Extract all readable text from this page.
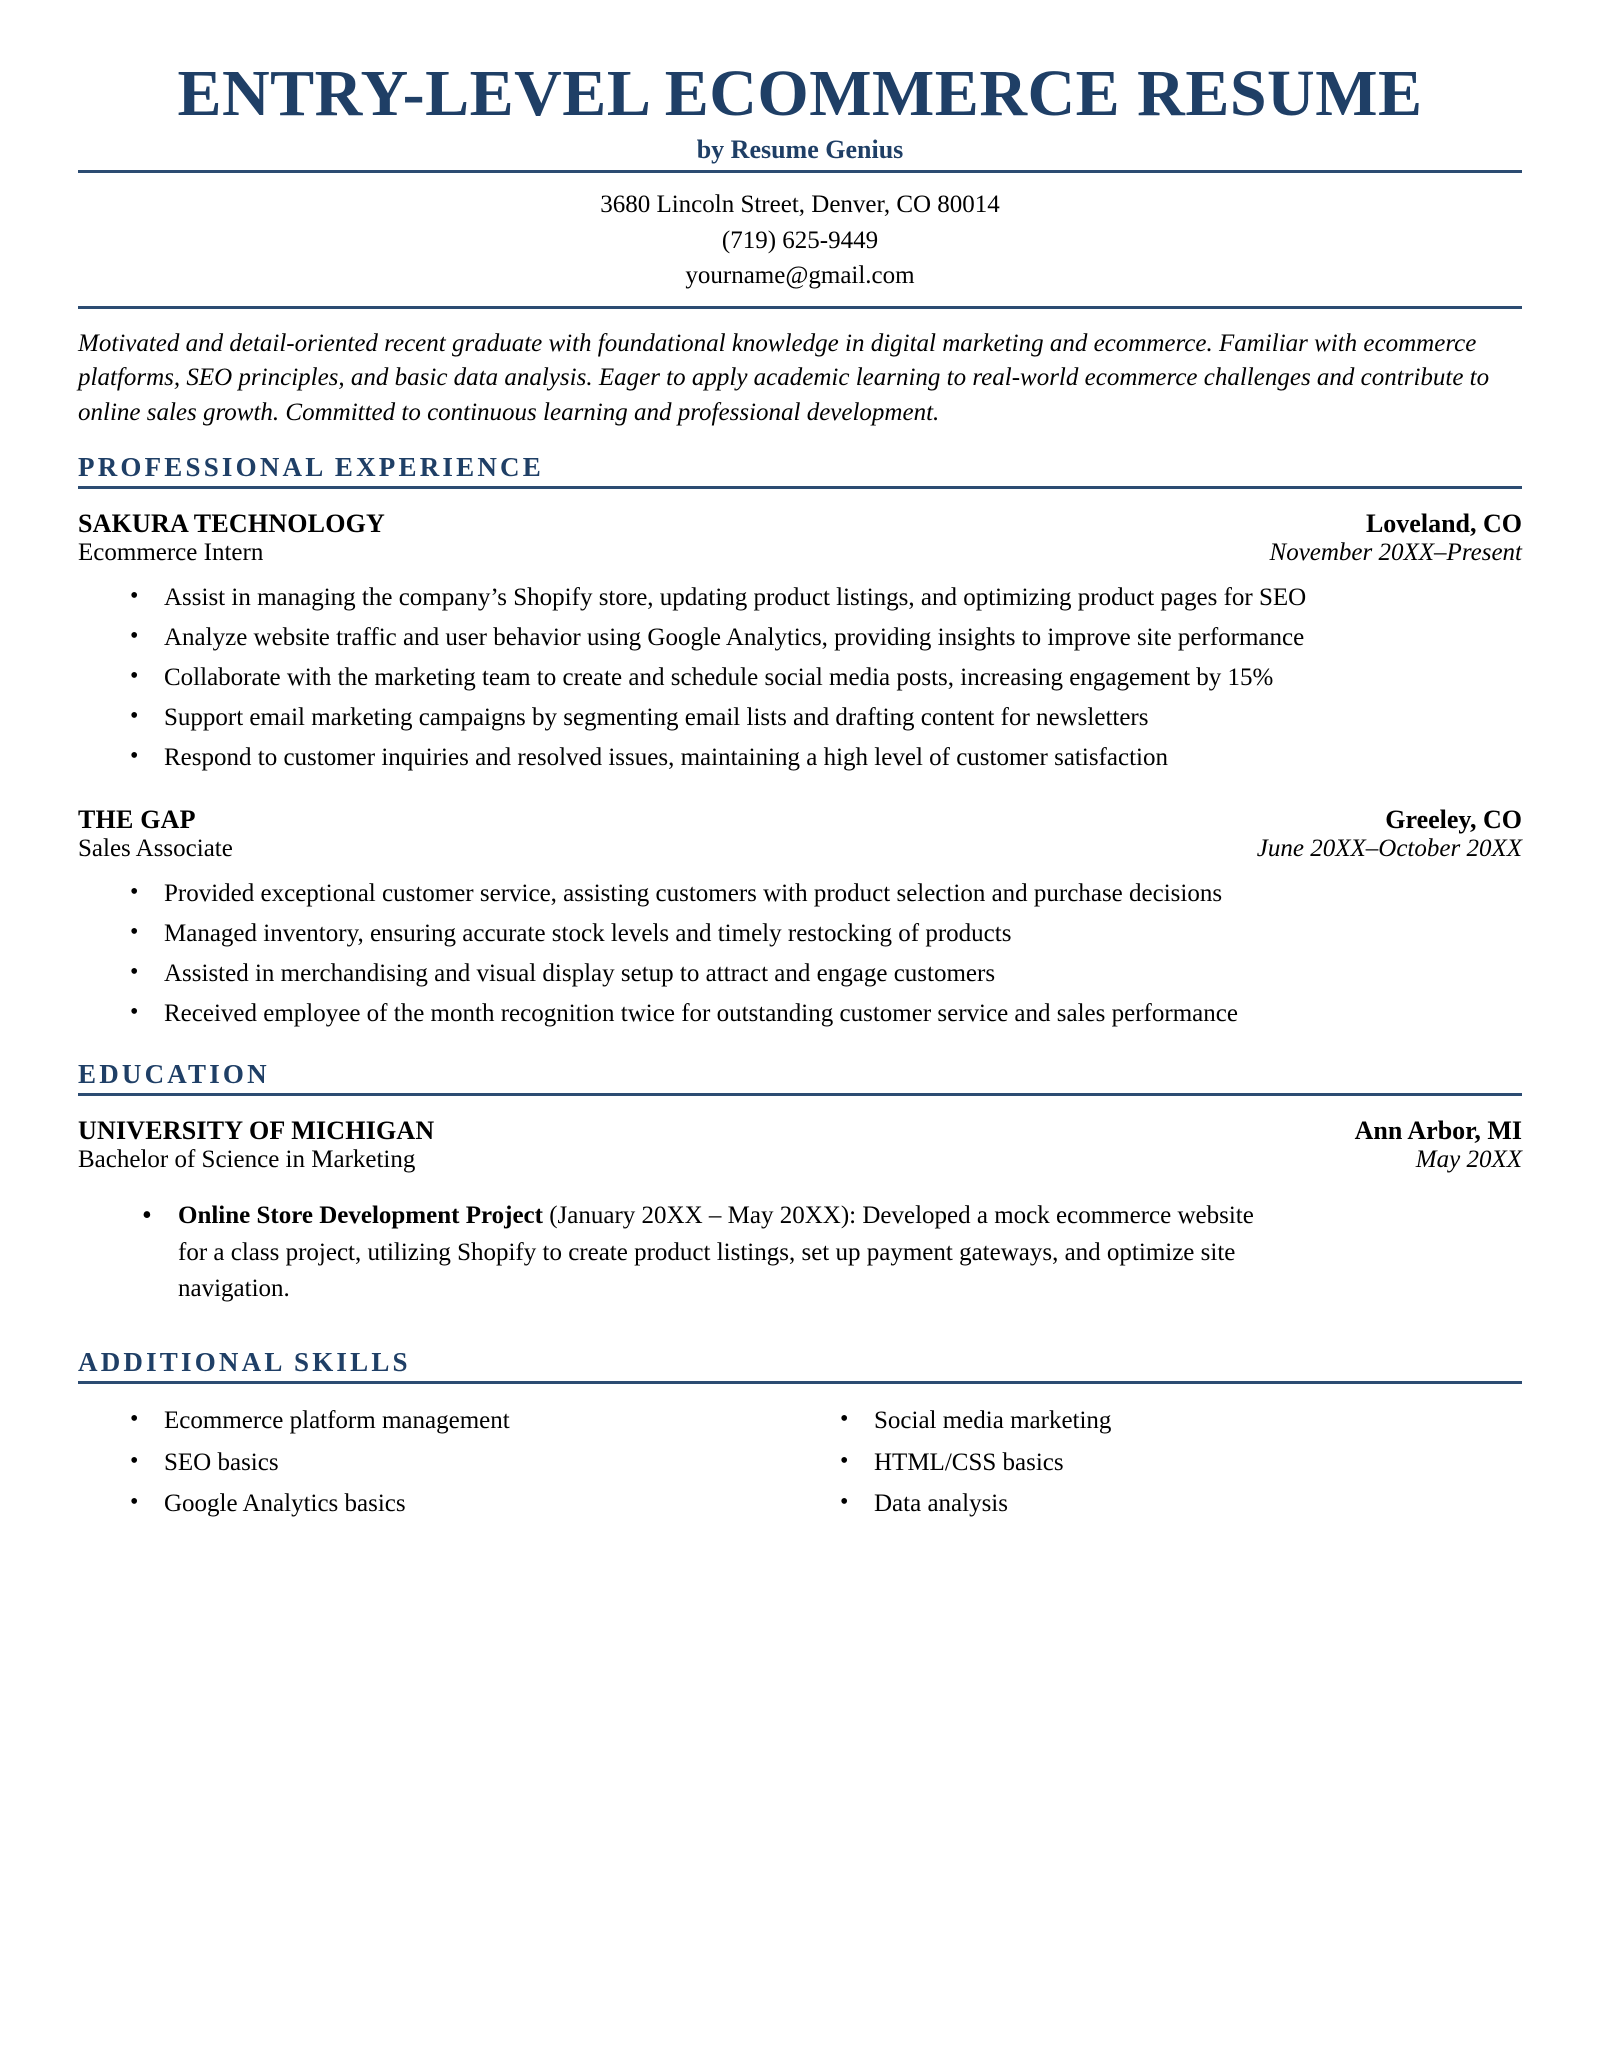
ENTRY-LEVEL ECOMMERCE RESUME
by Resume Genius
3680 Lincoln Street, Denver, CO 80014
(719) 625-9449
yourname@gmail.com
Motivated and detail-oriented recent graduate with foundational knowledge in digital marketing and ecommerce. Familiar with ecommerce platforms, SEO principles, and basic data analysis. Eager to apply academic learning to real-world ecommerce challenges and contribute to online sales growth. Committed to continuous learning and professional development.
PROFESSIONAL EXPERIENCE
SAKURA TECHNOLOGY	Loveland, CO
Ecommerce Intern	November 20XX–Present
• Assist in managing the company’s Shopify store, updating product listings, and optimizing product pages for SEO
• Analyze website traffic and user behavior using Google Analytics, providing insights to improve site performance
• Collaborate with the marketing team to create and schedule social media posts, increasing engagement by 15%
• Support email marketing campaigns by segmenting email lists and drafting content for newsletters
• Respond to customer inquiries and resolved issues, maintaining a high level of customer satisfaction
THE GAP	Greeley, CO
Sales Associate	June 20XX–October 20XX
• Provided exceptional customer service, assisting customers with product selection and purchase decisions
• Managed inventory, ensuring accurate stock levels and timely restocking of products
• Assisted in merchandising and visual display setup to attract and engage customers
• Received employee of the month recognition twice for outstanding customer service and sales performance
EDUCATION
UNIVERSITY OF MICHIGAN	Ann Arbor, MI
Bachelor of Science in Marketing	May 20XX
• Online Store Development Project (January 20XX – May 20XX): Developed a mock ecommerce website for a class project, utilizing Shopify to create product listings, set up payment gateways, and optimize site navigation.
ADDITIONAL SKILLS
• Ecommerce platform management
• SEO basics
• Google Analytics basics
• Social media marketing
• HTML/CSS basics
• Data analysis
